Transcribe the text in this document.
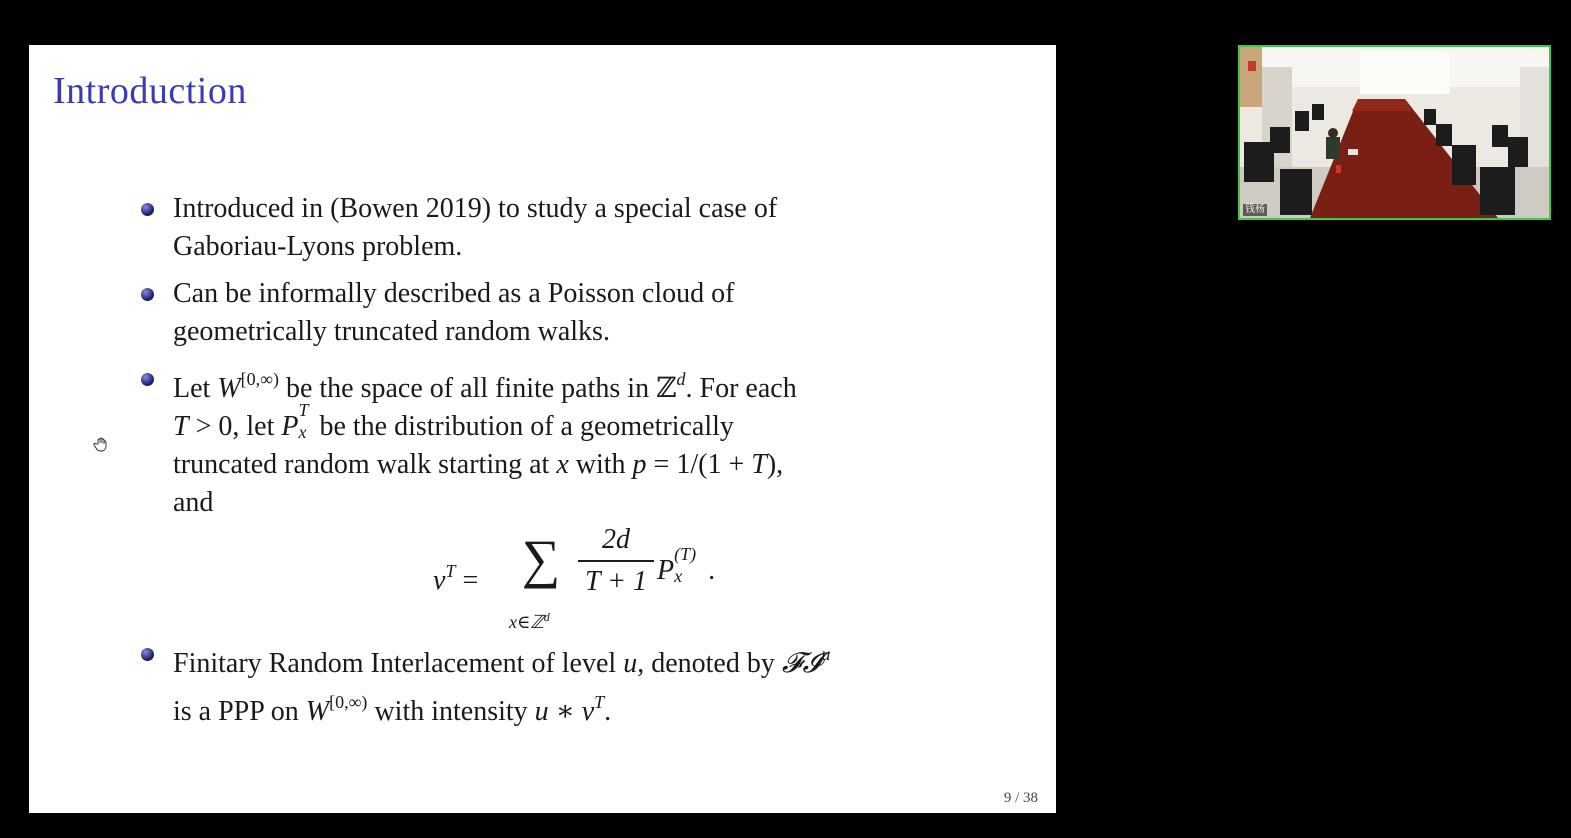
Introduction
Introduced in (Bowen 2019) to study a special case of
Gaboriau-Lyons problem.
Can be informally described as a Poisson cloud of
geometrically truncated random walks.
Let $W^{[0,\infty)}$ be the space of all finite paths in ℤ$^d$. For each
T > 0, let P
T
x be the distribution of a geometrically
truncated random walk starting at x with p = 1/(1 + T),
and
$\nu^T$ = ∑
x∈ℤ$^d$
2d
T + 1 P
(T)
x .
Finitary Random Interlacement of level u, denoted by 𝓕𝓘$^u$
is a PPP on $W^{[0,\infty)}$ with intensity u ∗ $\nu^T$.
9 / 38
钱杨
